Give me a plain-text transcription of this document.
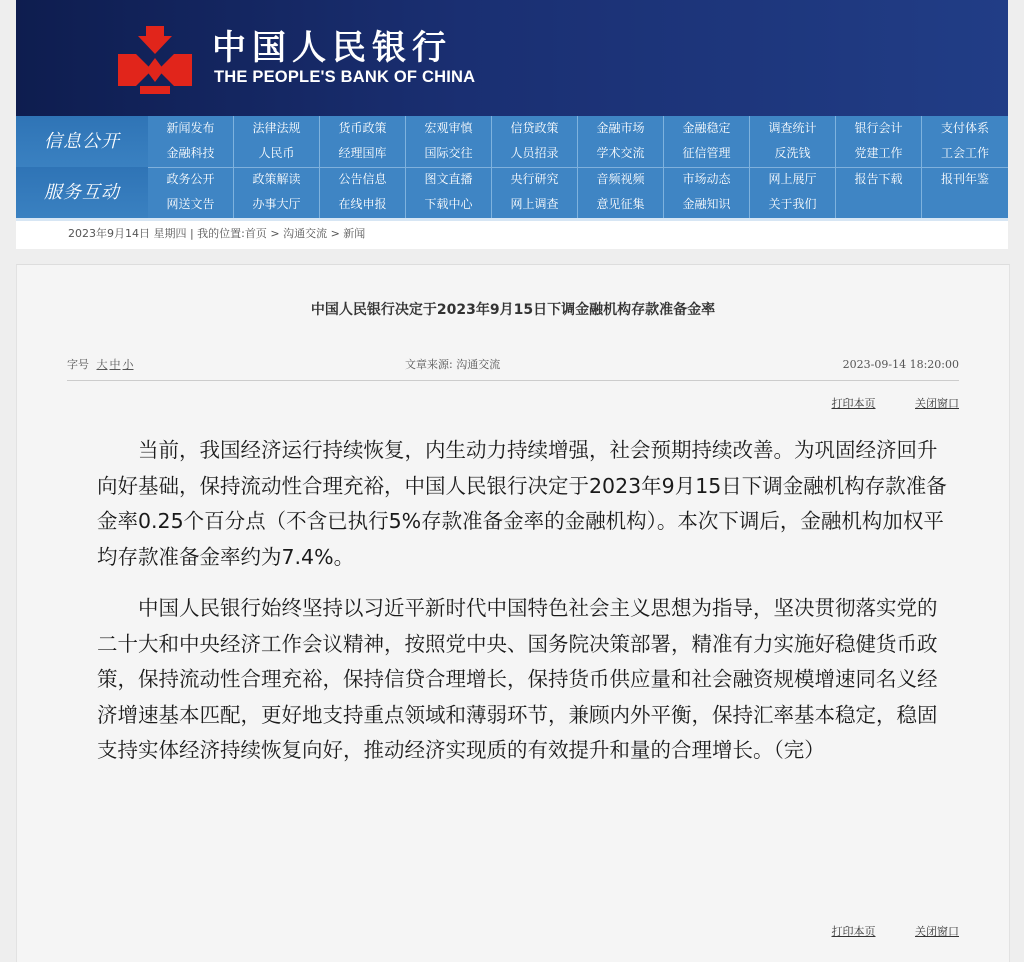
中国人民银行
THE PEOPLE'S BANK OF CHINA
信息公开
新闻发布	法律法规	货币政策	宏观审慎	信贷政策	金融市场	金融稳定	调查统计	银行会计	支付体系
金融科技	人民币	经理国库	国际交往	人员招录	学术交流	征信管理	反洗钱	党建工作	工会工作
服务互动
政务公开	政策解读	公告信息	图文直播	央行研究	音频视频	市场动态	网上展厅	报告下载	报刊年鉴
网送文告	办事大厅	在线申报	下载中心	网上调查	意见征集	金融知识	关于我们
2023年9月14日 星期四 | 我的位置:首页 > 沟通交流 > 新闻
中国人民银行决定于2023年9月15日下调金融机构存款准备金率
字号 大 中 小	文章来源: 沟通交流	2023-09-14 18:20:00
打印本页	关闭窗口

当前，我国经济运行持续恢复，内生动力持续增强，社会预期持续改善。为巩固经济回升向好基础，保持流动性合理充裕，中国人民银行决定于2023年9月15日下调金融机构存款准备金率0.25个百分点（不含已执行5%存款准备金率的金融机构）。本次下调后，金融机构加权平均存款准备金率约为7.4%。

中国人民银行始终坚持以习近平新时代中国特色社会主义思想为指导，坚决贯彻落实党的二十大和中央经济工作会议精神，按照党中央、国务院决策部署，精准有力实施好稳健货币政策，保持流动性合理充裕，保持信贷合理增长，保持货币供应量和社会融资规模增速同名义经济增速基本匹配，更好地支持重点领域和薄弱环节，兼顾内外平衡，保持汇率基本稳定，稳固支持实体经济持续恢复向好，推动经济实现质的有效提升和量的合理增长。（完）

打印本页	关闭窗口
